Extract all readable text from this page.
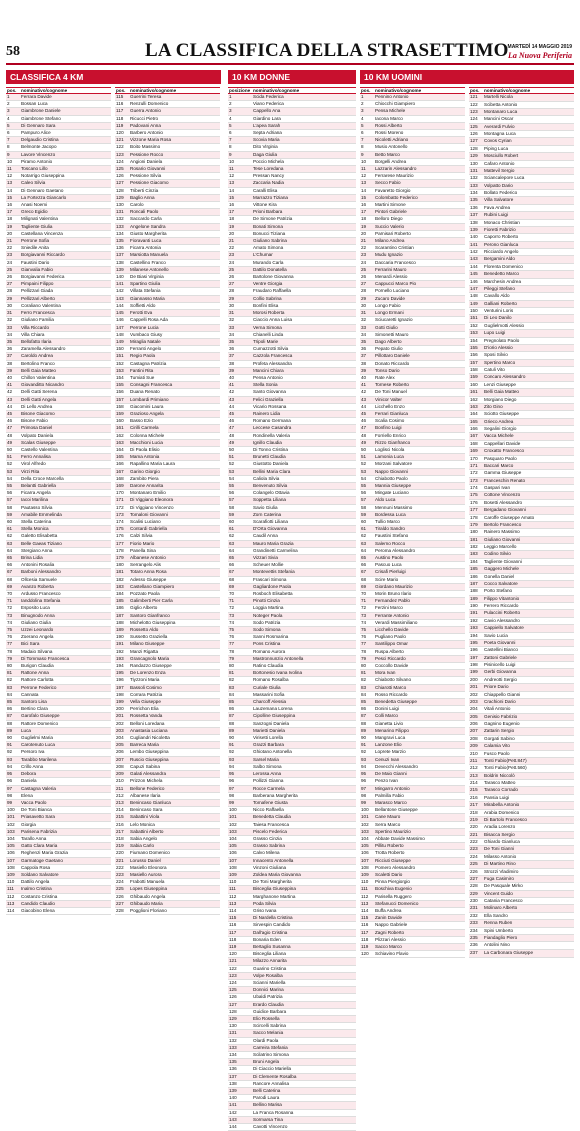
58	LA CLASSIFICA DELLA STRASETTIMO
MARTEDÌ 14 MAGGIO 2019
La Nuova Periferia
CLASSIFICA 4 KM
pos.	nominativo/cognome
1	Ferrara Davide
2	Bossan Luca
3	Giambrone Daniele
4	Giambrone Stefano
5	Di Gennaro Sara
6	Pampuro Alice
7	Delgaudio Cristina
8	Belmonte Jacopo
9	Lavore Vincenzo
10	Piramo Antonio
11	Toscano Lillo
12	Notarrigo Giuseppina
13	Caleo Silvia
14	Di Gennaro Gaetano
15	La Fortezza Giancarlo
16	Anasi Noemi
17	Greco Egidio
18	Milignati Valentina
19	Tagliente Giulia
20	Castellana Vincenza
21	Perrone Sofia
22	Sniedile Anita
23	Borgiavanni Riccardo
24	Faustini Dario
25	Gianvalia Fabio
26	Borgiavanni Federica
27	Pimpaini Filippo
28	Pellizzari Giada
29	Pellizzari Alberto
30	Coraliano Valentina
31	Ferro Francesca
32	Giuliano Familia
33	Villa Riccardo
34	Villa Chiara
35	Bellofatto Ilaria
36	Zaramella Alessandro
37	Caroldo Andrea
38	Bertolino Franco
39	Belli Gaia Matteo
40	Chillon Valentina
41	Giovanditto Nicandro
42	Delli Gatti Serena
43	Delli Gatti Angela
44	Di Lello Andrea
45	Bisone Giacomo
46	Bisone Fabio
47	Primosa Daniel
48	Volpato Daniela
49	Scalas Giuseppe
50	Castello Valentina
51	Ferro Annalisa
52	Virol Alfredo
53	Virzi Rita
54	Della Croce Marcella
55	Belantti Gabriella
56	Ficarra Angela
57	Iacoi Marilina
58	Pautasso Silvia
59	Amabile Emmelinda
60	Stella Caterina
61	Stella Monica
62	Galetto Elisabetta
63	Belle Gaeas Tiziano
64	Stergiano Anna
65	Brina Lidia
66	Antonini Rosalia
67	Barboni Alessandro
68	Ollcesia Samuele
69	Avanzo Roberta
70	Ardusso Francesco
71	Ianddolina Stefania
72	Esposito Luca
73	Binugnodo Anna
74	Giuliano Giulia
75	Uzzei Leonardo
76	Zoerano Angela
77	Bici Sara
78	Madaio Silvana
79	Di Tommaso Francesca
80	Burigon Claudia
81	Rattone Anna
82	Rattore Carlotta
83	Perrone Federico
84	Cannata
85	Santoro Lisa
86	Bertino Clara
87	Garofalo Giuseppe
88	Rattore Domenico
89	Luca
90	Guglielmi Maria
91	Carotenuto Luca
92	Persoro Iva
93	Tarabbo Marilena
94	Crillo Anna
95	Debora
96	Daniela
97	Castagna Valeria
98	Elena
99	Vacca Paolo
100	De Toni Bianca
101	Priasavetto Sara
102	Giorgia
103	Parisena Fabrizia
104	Tarallo Anna
105	Gatto Clara Maria
106	Reghenzi Maria Grazia
107	Garmatoge Gaetano
108	Cappola Rosa
109	Soldano Salvatore
110	Dattilo Angela
111	Inalmo Cristina
112	Costanzo Cristina
113	Candido Claudio
114	Giacobino Elena
pos.	nominativo/cognome
115	Guerrini Teresa
116	Renzulli Domenico
117	Guerra Antonio
118	Ricucci Pietro
119	Padovani Anna
120	Barbero Antonio
121	Vizzone Maria Rosa
122	Boito Massimo
123	Pessione Rocco
124	Angioni Daniela
125	Rosario Giovanni
126	Pessione Silvia
127	Pessione Giacomo
128	Triberti Cinzia
129	Baglio Anna
130	Carolo
131	Roncali Paolo
132	Saccardo Carla
133	Angelone Sandra
134	Giusto Margherita
135	Fioravanti Luca
136	Ficarra Antonia
137	Marsiotta Manuela
138	Castellino Franco
139	Milanese Antonello
140	De Biasi Virginia
141	Spartino Giulia
142	Villata Stefania
143	Giannasso Maria
144	Soffietti Aldo
145	Ferotti Eva
146	Cappelli Rosa Ada
147	Perrone Lucia
148	Vumbaco Giusy
149	Miraglia Natale
150	Ferranti Angelo
151	Regio Paola
152	Castagna Patrizia
153	Fantini Rita
154	Tumiati Sue
155	Consagni Francesca
156	Duana Renato
157	Lombardi Primiano
158	Giacomini Laura
159	Grazioso Angela
160	Basso Ezio
161	Cirilli Carmela
162	Colonna Michele
163	Macchioni Lucia
164	Di Paola Elisio
165	Mama Antonia
166	Rapallino Maria Laura
167	Garino Giorgio
168	Zambito Piera
169	Darone Annarita
170	Montanaro Emilio
171	Di Viggiano Eleonora
172	Di Viggiano Vincenzo
173	Tomaloni Giovanni
174	Scalisi Luciano
175	Contardi Gabriella
176	Calzi Silvia
177	Fiorio Mario
178	Panella Sina
179	Albanese Antonio
180	Serrangelo Alis
181	Totaro Anna Rosa
182	Adesso Giuseppe
183	Castellano Giampiero
184	Pozzato Paola
185	Galimberti Pier Carla
186	Giglio Alberto
187	Santoro Gianfranco
188	Michelotto Giuseppina
189	Rossetto Aldo
190	Sussetto Graziella
191	Milano Giuseppe
192	Manzi Rigatta
193	Grancagnolo Maria
194	Randazzo Giuseppe
195	De Lorenzo Enza
196	Tiyzzoni Maria
197	Bassoli Cosimo
198	Corrara Patrizia
199	Vella Giuseppe
200	Perrichon Elia
201	Rossetta Vanda
202	Belloni Loredana
203	Anastasia Luciana
204	Cugliandri Nicoletta
205	Barreca Maria
206	Lembo Giuseppina
207	Ruscio Giuseppina
208	Capuzi Sabina
209	Galati Alessandra
210	Prizzon Michela
211	Bellone Federico
212	Albanese Ilaria
213	Benincaso Gianluca
214	Benincaso Sara
215	Sabattini Viola
216	Lelo Monica
217	Sabattini Alberto
218	Sabia Angelo
219	Sabia Carlo
220	Fiumano Domenico
221	Lorusso Daniel
222	Masiello Eleonora
223	Masiello Aurora
224	Frabotti Manuela
225	Lopes Giuseppina
226	Ghibaudo Angela
227	Ghibaudo Maria
228	Pogglioni Floriano
10 KM DONNE
posizione	nominativo/cognome
1	Scida Federica
2	Viano Federica
3	Cappello Ana
4	Giardino Lara
5	L'apea Sarah
6	Septa Adriana
7	Scovia Maria
8	Dito Virginia
9	Daga Giulia
10	Poccio Michela
11	Tese Loredana
12	Pressan Nancy
13	Zaccaria Nadia
14	Caralli Elisa
15	Marrazzo Tiziana
16	Vittone Kira
17	Prioni Barbara
18	De Simone Patrizia
19	Bonati Simona
20	Bonucci Tiziana
21	Giuliano Sabrina
22	Amato Simona
23	L'Chumar
24	Murando Carla
25	Dattilo Donatella
26	Bartolone Giovanna
27	Ventre Giorgia
28	Fraudaro Raffaella
29	Collio Sabrina
30	Bonfini Elisa
31	Morosi Roberta
32	Ciaccio Anna Luisa
33	Verna Simona
34	Chianelli Linda
35	Tripoli Marie
36	Cumazzotti Silvia
37	Cazzola Francesca
38	Profeta Alessandra
39	Mancini Chiara
40	Pensa Antonio
41	Stella Sonia
42	Santo Giovanna
43	Felici Graziella
44	Vicario Rossana
45	Rainero Lidia
46	Romano Germana
47	Leccese Casandra
48	Rondinella Valeria
49	Ignillo Claudia
50	Di Tonno Cristina
51	Brunetti Claudia
52	Giustotto Daniela
53	Bellini Maria Clara
54	Caliola Silvia
55	Benvenuto Silvia
56	Colangelo Ottavia
57	Soppetta Liliana
58	Savio Giulia
59	Zorn Caterina
60	Scarafiotti Liliana
61	D'Orta Giovanna
62	Caudil Anna
63	Mauro Maria Grazia
64	Grandinetti Carmelina
65	Vizzari Sivia
66	Scheuer Mollie
67	Montevettis Stefania
68	Frascari Simona
69	Gagliardone Paola
70	Rosboch Elisabetta
71	Pinotti Cinzia
72	Loggia Martina
73	Noteger Paola
74	Sodo Patrizia
75	Sodo Simona
76	Sanni Rosmarina
77	Pons Cristina
78	Romano Aurora
79	Mastronnunzio Antonella
80	Ratino Claudia
81	Bortonesio Ivana Ivolina
82	Romano Rosalba
83	Curiale Giulia
84	Massarini Sofia
85	Charcoff Alessia
86	Lauzemana Lorena
87	Cipolline Giuseppina
88	Sanzogni Daniela
89	Marietti Daniela
90	Virisetti Lorella
91	Grazzi Barbara
92	Ghiotano Antonella
93	Sarsel Maria
94	Salbo Simona
95	Lerossa Anna
96	Pollizzi Gianna
97	Rocce Carmela
98	Barberana Margherita
99	Tomafene Giusta
100	Nicco Raffaella
101	Benedetta Claudia
102	Taiesa Francesca
103	Piscelo Federica
104	Grasso Cinzia
105	Grasso Sabrina
106	Calvo Milena
107	Innacento Antonella
108	Vinzoni Giuliana
109	Zoldea Maria Giovanna
110	De Toni Margherita
111	Bisceglia Giuseppina
112	Marghanone Martina
113	Poda Silvia
114	Griso Ivana
115	Di Nardella Cristina
116	Sirvespin Candido
117	Dall'agio Cristina
118	Bonaria Eden
119	Bertaglio Susanna
120	Bisceglia Liliana
121	Milazzo Annarita
122	Guarino Cristina
123	Volpe Rosalba
124	Scianni Mariella
125	Donnici Marina
126	Ubaldi Patrizia
127	Erardo Claudia
128	Guidice Barbara
129	Elio Rossella
130	Scircelli Sabrina
131	Sacco Melania
132	Olardi Paola
133	Carreira Stefania
134	Scilatrino Simona
135	Bruni Angela
136	Di Ciaccio Mariella
137	Di Clemente Rosalba
138	Rancore Annalisa
139	Belli Caterina
140	Parodi Laura
141	Bellino Marisa
142	La Franca Rosanna
143	Sormarsa Tina
144	Cavotti Vincenzo
10 KM UOMINI
pos.	nominativo/cognome
1	Pennino Antonio
2	Chiocchi Giampiero
3	Pensa Michele
4	Iacona Marco
5	Rossi Alberto
6	Rossi Moreno
7	Nicoletti Adriano
8	Musio Antonello
9	Betto Marco
10	Borgelli Andrea
11	Lazzarin Alessandro
12	Ferrarese Maurizio
13	Secco Fabio
14	Favaretto Giorgio
15	Colombatto Federico
16	Martini Simone
17	Pintori Gabriele
18	Belloro Diego
19	Succio Valerio
20	Parnisari Roberto
21	Milano Andrea
22	Scarantino Cristian
23	Mudu Ignazio
24	Daccaria Francesco
25	Ferrarini Mauro
26	Menardi Alessio
27	Cappucci Marco Pio
28	Pornello Luciano
29	Zucaro Davide
30	Longo Fabio
31	Longo Ermani
32	Sciucaretti Ignazio
33	Gotti Giulio
34	Simonetti Mauro
35	Dago Alberto
36	Pepato Giulio
37	Pillottaro Daniele
38	Donato Riccardo
39	Tonso Dario
40	Rate Alex
41	Tornese Roberto
42	De Toni Manuel
43	Vinicor Valter
44	Licchello Enzo
45	Ferrari Gianluca
46	Scalia Cosimo
47	Bonfino Luigi
48	Forriello Enrico
49	Rizzo Gianfranco
50	Loglisci Nicola
51	Lamonia Luca
52	Morzani Salvatore
53	Nappo Giovanni
54	Chiabotto Paolo
55	Mannia Giuseppe
56	Mingate Luciano
57	Aldo Luca
58	Mennuni Massimo
59	Bordessa Luca
60	Tullio Marco
61	Tiraldo Sandro
62	Faustini Stefano
63	Salerno Rocco
64	Peroma Alessandro
65	Austino Paolo
66	Pascuo Luca
67	Crisafi Pierluigi
68	Scire Mario
69	Giordano Maurizio
70	Morin Bruno Ilario
71	Fernandez Pablo
72	Ferzini Marco
73	Ferrante Antonio
74	Verardi Massimiliano
75	Licchello Davide
76	Pugliano Paolo
77	Santilippo Omar
78	Ruspa Alberto
79	Pesci Riccardo
80	Coccollo Davide
81	Mora Ivan
82	Chiabotto Silvano
83	Chiarotti Marco
84	Rosso Riccardo
85	Benedetta Giuseppe
86	Donini Luigi
87	Colli Marco
88	Gianetta Livio
89	Menarino Filippo
90	Mangravi Luca
91	Lanzone Elio
92	Loprete Marzio
93	Cenuzi Ivan
94	Devecchi Alessandro
95	De Maio Gianni
96	Penzo Ivan
97	Mingarro Antonio
98	Palmilla Fabio
99	Marasco Marco
100	Bellantone Giuseppe
101	Cane Mauro
102	Serra Marco
103	Spertino Maurizio
104	Abbate Davide Massimo
105	Pillitu Roberto
106	Trotta Roberto
107	Ricciuti Giuseppe
108	Pomero Alessandro
109	Scaletti Dario
110	Pinna Piergiorgio
111	Boschiva Eugenio
112	Parisella Ruggero
113	Stefanucci Domenico
114	Buffa Andrea
115	Zanin Davide
116	Nappo Gabriele
117	Zagni Roberto
118	Plizzari Alessio
119	Sacco Marco
120	Schiavino Flavio
pos.	nominativo/cognome
121	Martelli Nicola
122	Scibetta Antonio
123	Montanaro Luca
124	Mancini Oscar
125	Averardi Fulvio
126	Montagna Luca
127	Covos Cyrian
128	Piping Luca
129	Mosciullo Robert
130	Cafaro Antonio
131	Mattevil Sergio
132	Sciancalepore Luca
133	Volpatto Dario
134	Bollato Federico
135	Villa Salvatore
136	Fava Andrea
137	Rubini Luigi
138	Monaco Christian
139	Fioretti Fabrizio
140	Caporro Roberto
141	Perono Gianluca
142	Ricciardo Angelo
143	Bergamini Aldo
144	Florenta Domenico
145	Benedetto Marco
146	Marchesin Andrea
147	Pileggi Stefano
148	Cavallo Aldo
149	Galliani Roberto
150	Venturini Loris
151	Di Leo Danilo
152	Guglielmotti Alessio
153	Lupo Luigi
154	Pregnolato Paolo
155	D'iorio Alessio
156	Sposi Silvio
157	Spertino Marco
158	Catuli Vito
159	Concaro Alessandro
160	Lenzi Giuseppe
161	Belli Gaia Matteo
162	Morgiano Diego
163	Zito Gino
164	Sciotto Giuseppe
165	Grieco Andrea
166	Segalini Giorgio
167	Vacca Michele
168	Cappellari Davide
169	Croxatto Francesco
170	Pasquaro Paolo
171	Baccari Marco
172	Gamma Giuseppe
173	Franceschin Renato
174	Gaspari Ivan
175	Cottone Vincenzo
176	Bosetti Alessandro
177	Bergadano Giovanni
178	Caroffe Giuseppe Amato
179	Bertolo Francesco
180	Rainero Massimo
181	Giuliano Giovanni
182	Leggio Marcello
183	Codino Silvio
184	Tagliente Giovanni
185	Gaggero Michele
186	Gonella Daniel
187	Cocco Salvatore
188	Porto Stefano
189	Filippo Vitantonio
190	Ferrero Riccardo
191	Pulaccini Roberto
192	Cavio Alessandro
193	Cappiello Salvatore
194	Savio Lucia
195	Poeta Giovanni
196	Castellini Bianco
197	Zattoni Gabriele
198	Pisinicello Luigi
199	Gerbi Giovanna
200	Andreotti Sergio
201	Priore Dario
202	Chiappello Gianni
203	Crachioni Dario
204	Vitali Antonio
205	Genisio Fabrizio
206	Gagnino Eugenio
207	Zattarin Sergio
208	Gorgati Sabino
209	Calamia Vito
210	Fusco Paolo
211	Tonti Fabio(Pett.847)
212	Tonti Fabio(Pett.560)
213	Boldrin Niccolò
214	Tarasco Matteo
215	Tarasco Corrado
216	Pansia Luigi
217	Mirabella Antonio
218	Arabia Domenico
219	Di Bartolo Francesco
220	Aradia Lorenzo
221	Bisacca Sergio
222	Ghiardo Gianluca
223	De Toni Gianni
224	Milasso Antonio
225	Di Martino Rino
226	Strozzi Vladimiro
227	Fuga Casimiro
228	De Pasquale Mirko
229	Vincent Guido
230	Catania Francesco
231	Molinaro Alberto
232	Ella Sandro
233	Renna Ruben
234	Spini Umberto
235	Fiandaglio Piero
236	Antolini Nino
237	La Carbonara Giuseppe
